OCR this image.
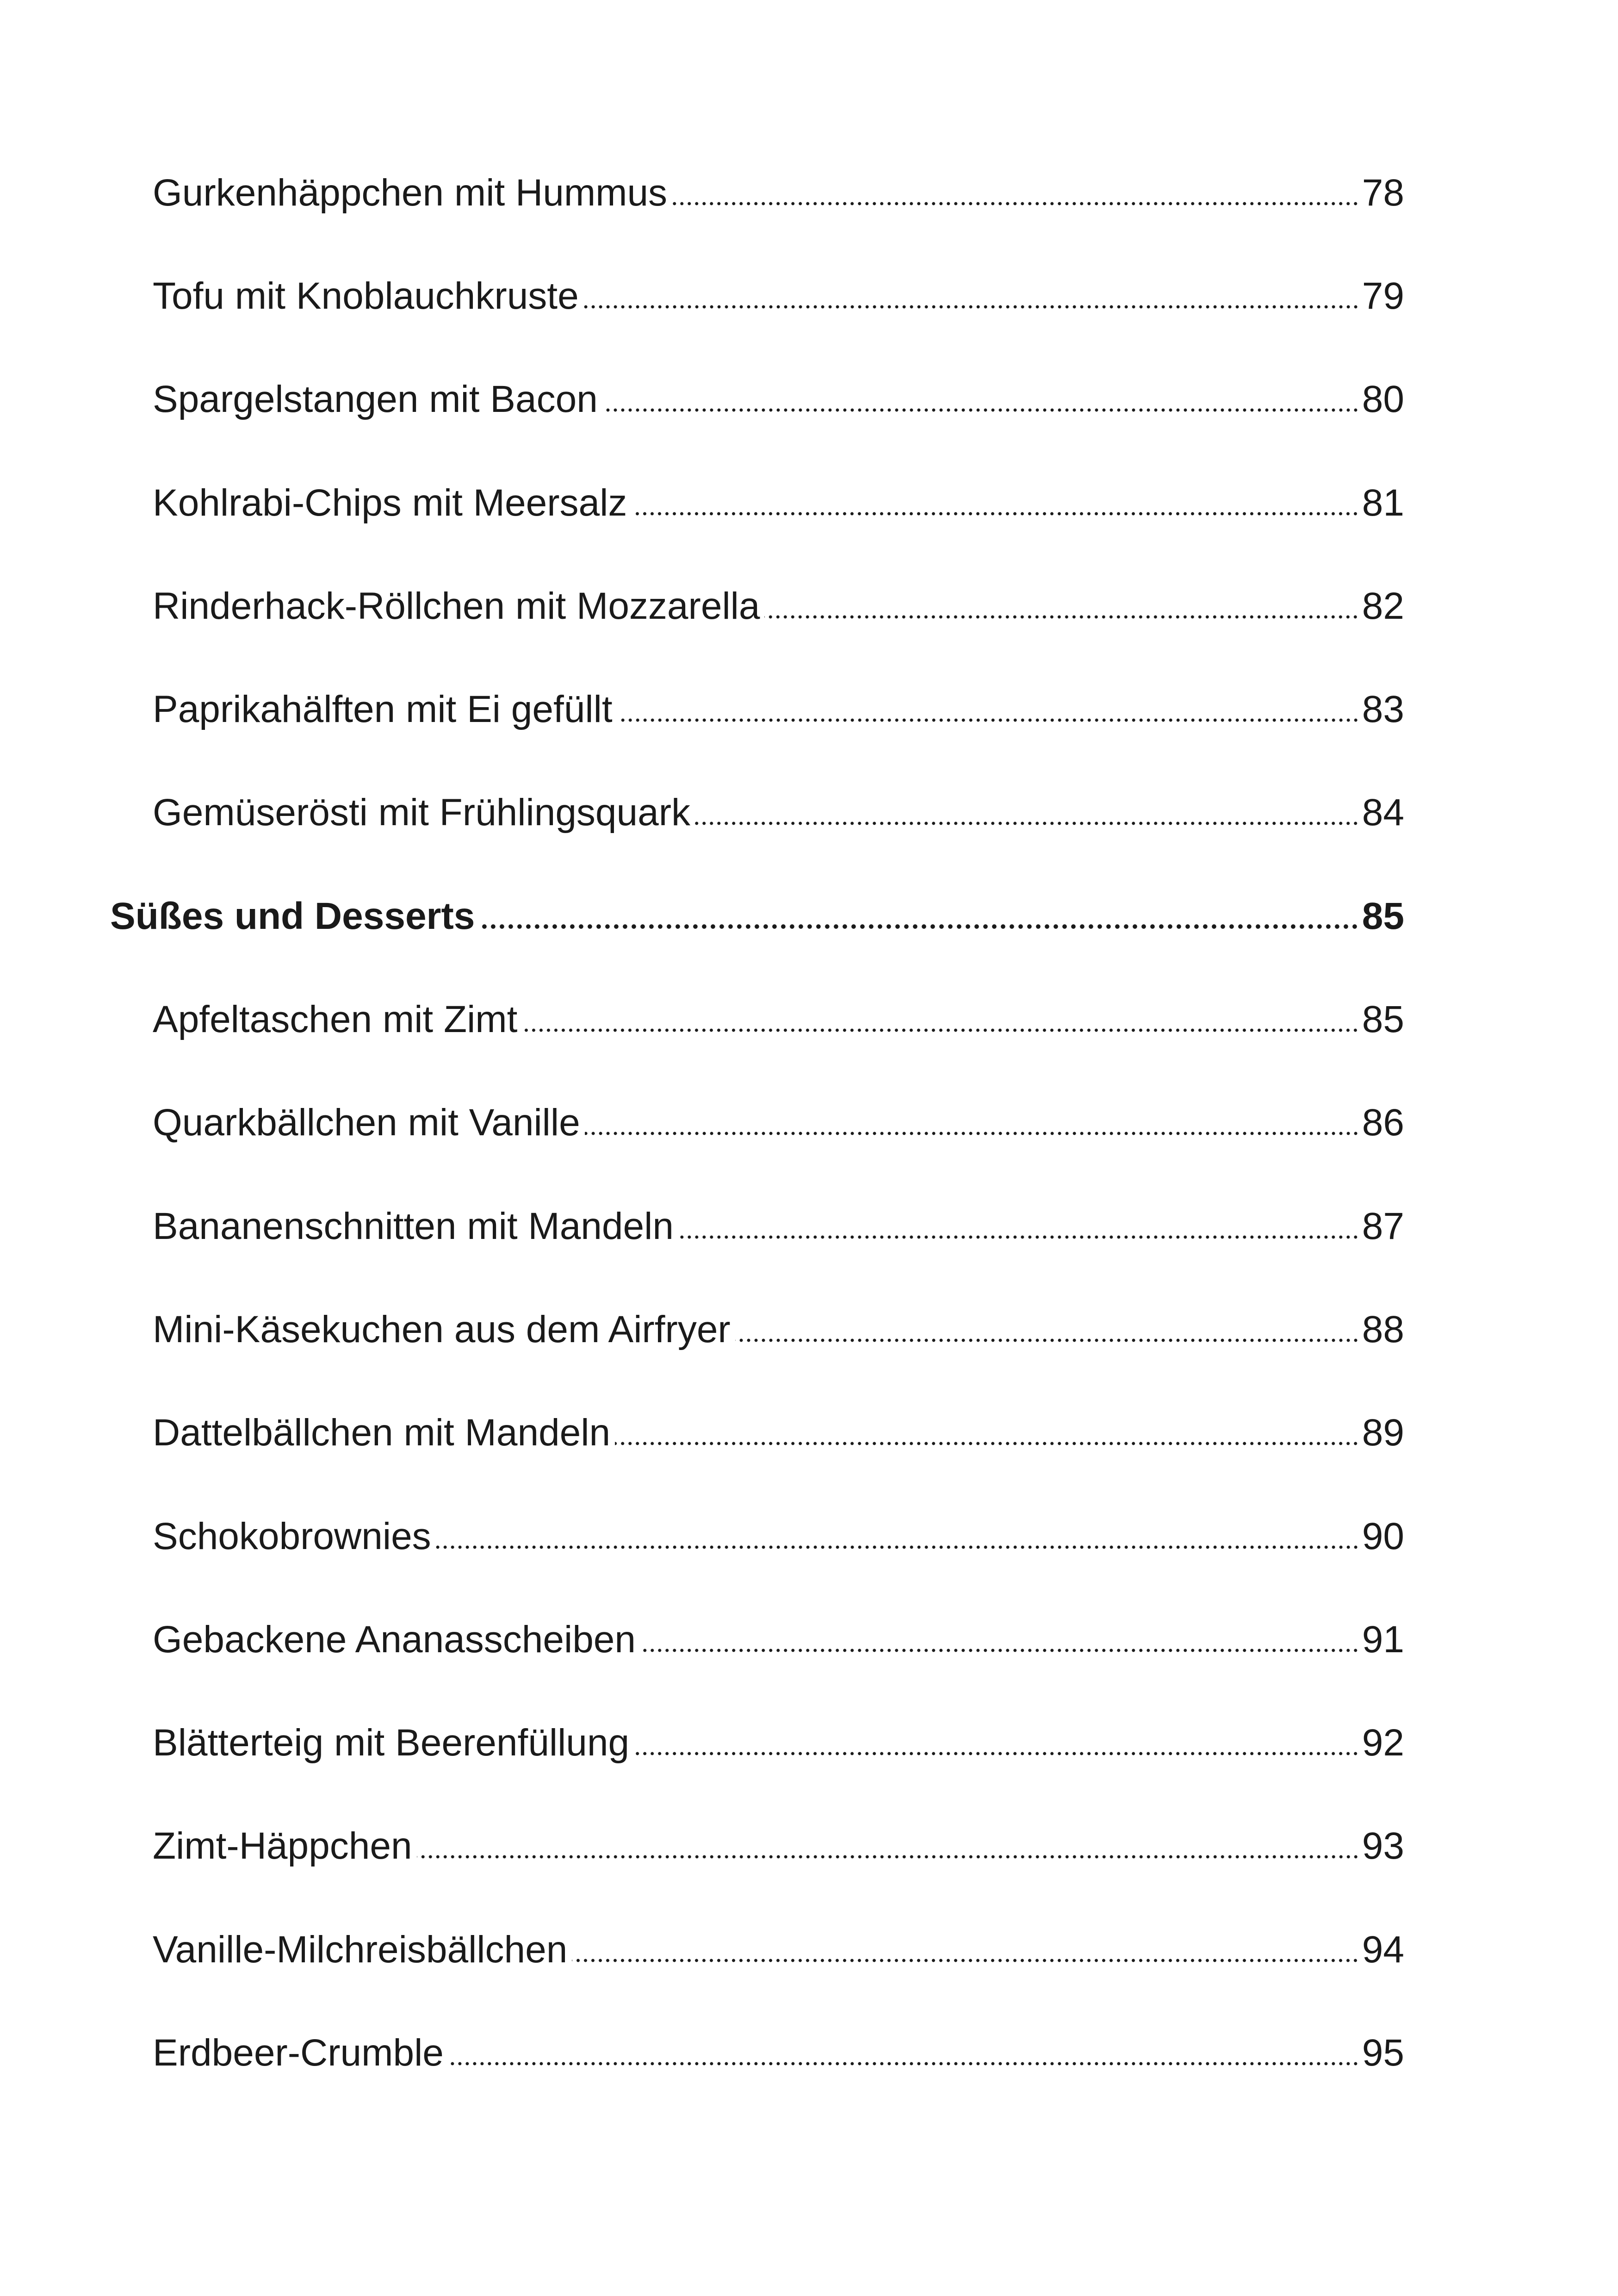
Gurkenhäppchen mit Hummus	78
Tofu mit Knoblauchkruste	79
Spargelstangen mit Bacon	80
Kohlrabi-Chips mit Meersalz	81
Rinderhack-Röllchen mit Mozzarella	82
Paprikahälften mit Ei gefüllt	83
Gemüserösti mit Frühlingsquark	84
Süßes und Desserts	85
Apfeltaschen mit Zimt	85
Quarkbällchen mit Vanille	86
Bananenschnitten mit Mandeln	87
Mini-Käsekuchen aus dem Airfryer	88
Dattelbällchen mit Mandeln	89
Schokobrownies	90
Gebackene Ananasscheiben	91
Blätterteig mit Beerenfüllung	92
Zimt-Häppchen	93
Vanille-Milchreisbällchen	94
Erdbeer-Crumble	95
